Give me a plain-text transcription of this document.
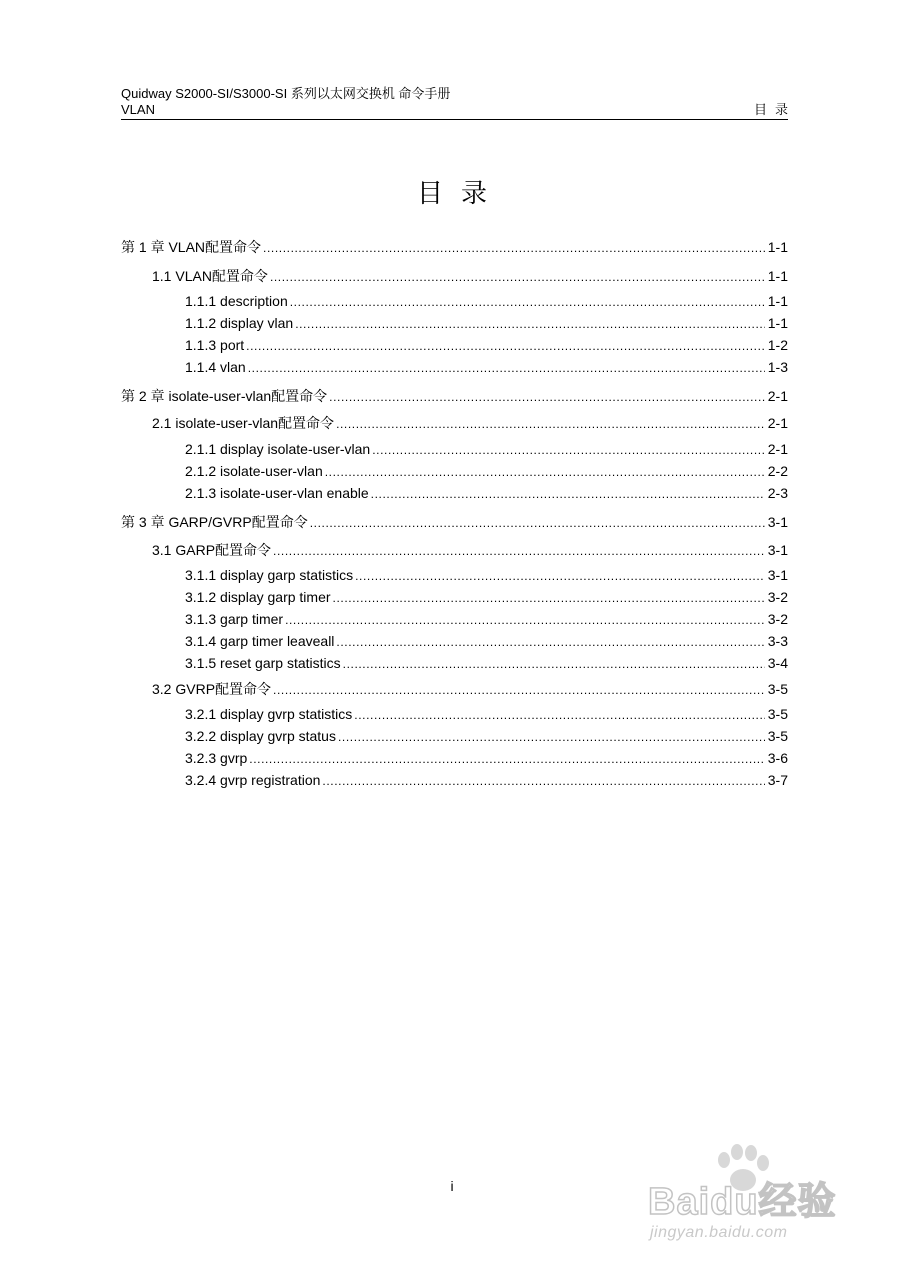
Quidway S2000-SI/S3000-SI 系列以太网交换机 命令手册
VLAN	目录
目录
第 1 章 VLAN配置命令 .....	1-1
1.1 VLAN配置命令 .....	1-1
1.1.1 description .....	1-1
1.1.2 display vlan .....	1-1
1.1.3 port .....	1-2
1.1.4 vlan .....	1-3
第 2 章 isolate-user-vlan配置命令 .....	2-1
2.1 isolate-user-vlan配置命令 .....	2-1
2.1.1 display isolate-user-vlan .....	2-1
2.1.2 isolate-user-vlan .....	2-2
2.1.3 isolate-user-vlan enable .....	2-3
第 3 章 GARP/GVRP配置命令 .....	3-1
3.1 GARP配置命令 .....	3-1
3.1.1 display garp statistics .....	3-1
3.1.2 display garp timer .....	3-2
3.1.3 garp timer .....	3-2
3.1.4 garp timer leaveall .....	3-3
3.1.5 reset garp statistics .....	3-4
3.2 GVRP配置命令 .....	3-5
3.2.1 display gvrp statistics .....	3-5
3.2.2 display gvrp status .....	3-5
3.2.3 gvrp .....	3-6
3.2.4 gvrp registration .....	3-7
i	Baidu经验
jingyan.baidu.com
